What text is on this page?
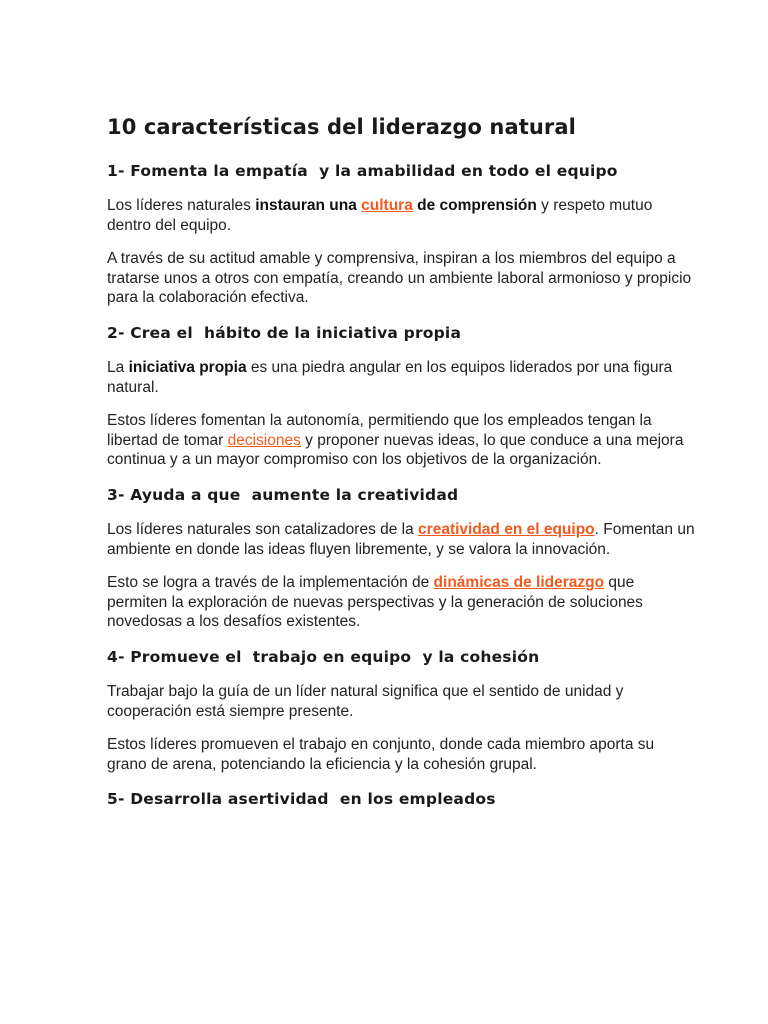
10 características del liderazgo natural
1- Fomenta la empatía  y la amabilidad en todo el equipo

Los líderes naturales instauran una cultura de comprensión y respeto mutuo dentro del equipo.

A través de su actitud amable y comprensiva, inspiran a los miembros del equipo a tratarse unos a otros con empatía, creando un ambiente laboral armonioso y propicio para la colaboración efectiva.

2- Crea el  hábito de la iniciativa propia

La iniciativa propia es una piedra angular en los equipos liderados por una figura natural.

Estos líderes fomentan la autonomía, permitiendo que los empleados tengan la libertad de tomar decisiones y proponer nuevas ideas, lo que conduce a una mejora continua y a un mayor compromiso con los objetivos de la organización.

3- Ayuda a que  aumente la creatividad

Los líderes naturales son catalizadores de la creatividad en el equipo. Fomentan un ambiente en donde las ideas fluyen libremente, y se valora la innovación.

Esto se logra a través de la implementación de dinámicas de liderazgo que permiten la exploración de nuevas perspectivas y la generación de soluciones novedosas a los desafíos existentes.

4- Promueve el  trabajo en equipo  y la cohesión

Trabajar bajo la guía de un líder natural significa que el sentido de unidad y cooperación está siempre presente.

Estos líderes promueven el trabajo en conjunto, donde cada miembro aporta su grano de arena, potenciando la eficiencia y la cohesión grupal.

5- Desarrolla asertividad  en los empleados
